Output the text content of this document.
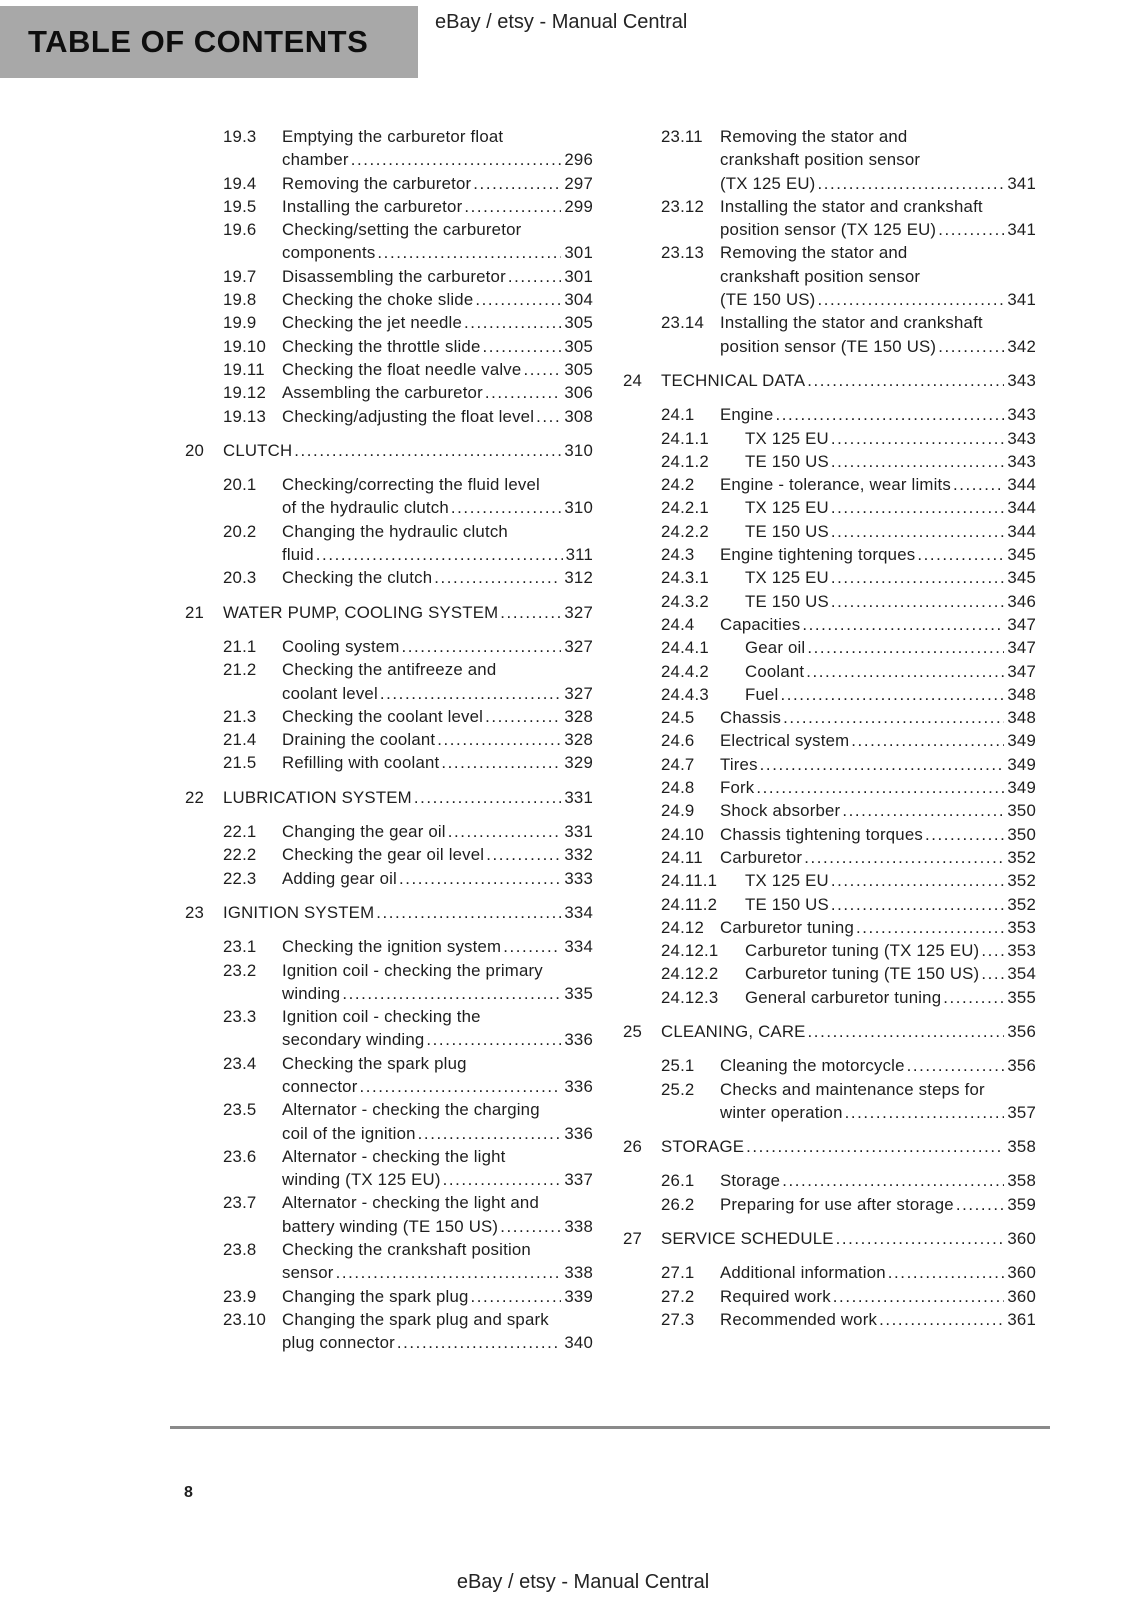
TABLE OF CONTENTS
eBay / etsy - Manual Central
19.3	Emptying the carburetor float
chamber .....	296
19.4	Removing the carburetor .....	297
19.5	Installing the carburetor .....	299
19.6	Checking/setting the carburetor
components .....	301
19.7	Disassembling the carburetor .....	301
19.8	Checking the choke slide .....	304
19.9	Checking the jet needle .....	305
19.10 Checking the throttle slide .....	305
19.11	Checking the float needle valve .....	305
19.12 Assembling the carburetor .....	306
19.13 Checking/adjusting the float level ..... 308
20	CLUTCH .....	310
20.1	Checking/correcting the fluid level
of the hydraulic clutch .....	310
20.2	Changing the hydraulic clutch
fluid .....	311
20.3	Checking the clutch .....	312
21	WATER PUMP, COOLING SYSTEM .....	327
21.1	Cooling system .....	327
21.2	Checking the antifreeze and
coolant level .....	327
21.3	Checking the coolant level .....	328
21.4	Draining the coolant .....	328
21.5	Refilling with coolant .....	329
22	LUBRICATION SYSTEM .....	331
22.1	Changing the gear oil .....	331
22.2	Checking the gear oil level .....	332
22.3	Adding gear oil .....	333
23	IGNITION SYSTEM .....	334
23.1	Checking the ignition system .....	334
23.2	Ignition coil - checking the primary
winding .....	335
23.3	Ignition coil - checking the
secondary winding .....	336
23.4	Checking the spark plug
connector .....	336
23.5	Alternator - checking the charging
coil of the ignition .....	336
23.6	Alternator - checking the light
winding (TX 125 EU) .....	337
23.7	Alternator - checking the light and
battery winding (TE 150 US) .....	338
23.8	Checking the crankshaft position
sensor .....	338
23.9	Changing the spark plug .....	339
23.10 Changing the spark plug and spark
plug connector .....	340
23.11	Removing the stator and
crankshaft position sensor
(TX 125 EU) .....	341
23.12 Installing the stator and crankshaft
position sensor (TX 125 EU) .....	341
23.13 Removing the stator and
crankshaft position sensor
(TE 150 US) .....	341
23.14 Installing the stator and crankshaft
position sensor (TE 150 US) .....	342
24	TECHNICAL DATA .....	343
24.1	Engine .....	343
24.1.1	TX 125 EU .....	343
24.1.2	TE 150 US .....	343
24.2	Engine - tolerance, wear limits .....	344
24.2.1	TX 125 EU .....	344
24.2.2	TE 150 US .....	344
24.3	Engine tightening torques .....	345
24.3.1	TX 125 EU .....	345
24.3.2	TE 150 US .....	346
24.4	Capacities .....	347
24.4.1	Gear oil .....	347
24.4.2	Coolant .....	347
24.4.3	Fuel .....	348
24.5	Chassis .....	348
24.6	Electrical system .....	349
24.7	Tires .....	349
24.8	Fork .....	349
24.9	Shock absorber .....	350
24.10 Chassis tightening torques .....	350
24.11	Carburetor .....	352
24.11.1	TX 125 EU .....	352
24.11.2	TE 150 US .....	352
24.12 Carburetor tuning .....	353
24.12.1	Carburetor tuning (TX 125 EU) ..... 353
24.12.2	Carburetor tuning (TE 150 US) ..... 354
24.12.3	General carburetor tuning .....	355
25	CLEANING, CARE .....	356
25.1	Cleaning the motorcycle .....	356
25.2	Checks and maintenance steps for
winter operation .....	357
26	STORAGE .....	358
26.1	Storage .....	358
26.2	Preparing for use after storage .....	359
27	SERVICE SCHEDULE .....	360
27.1	Additional information .....	360
27.2	Required work .....	360
27.3	Recommended work .....	361
8
eBay / etsy - Manual Central
